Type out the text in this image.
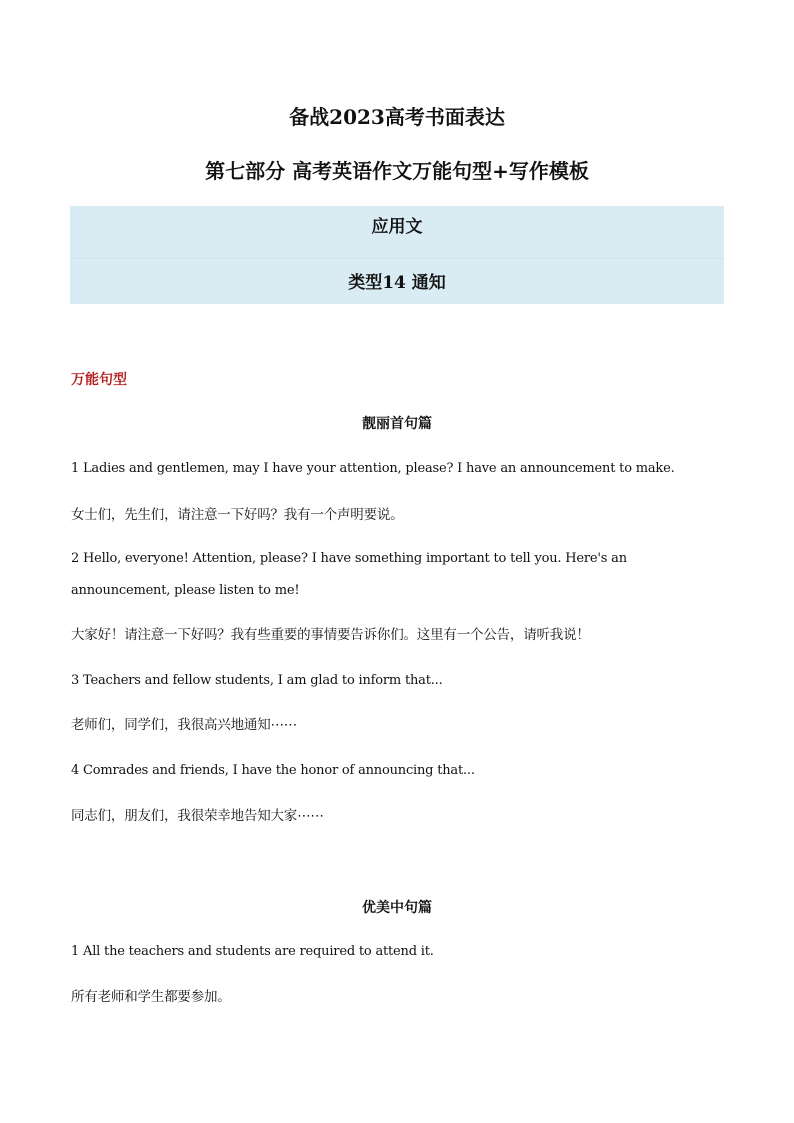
备战2023高考书面表达
第七部分 高考英语作文万能句型+写作模板
应用文
类型14 通知
万能句型
靓丽首句篇
1 Ladies and gentlemen, may I have your attention, please? I have an announcement to make.
女士们，先生们，请注意一下好吗？我有一个声明要说。
2 Hello, everyone! Attention, please? I have something important to tell you. Here's an announcement, please listen to me!
大家好！请注意一下好吗？我有些重要的事情要告诉你们。这里有一个公告，请听我说！
3 Teachers and fellow students, I am glad to inform that...
老师们，同学们，我很高兴地通知⋯⋯
4 Comrades and friends, I have the honor of announcing that...
同志们，朋友们，我很荣幸地告知大家⋯⋯
优美中句篇
1 All the teachers and students are required to attend it.
所有老师和学生都要参加。
